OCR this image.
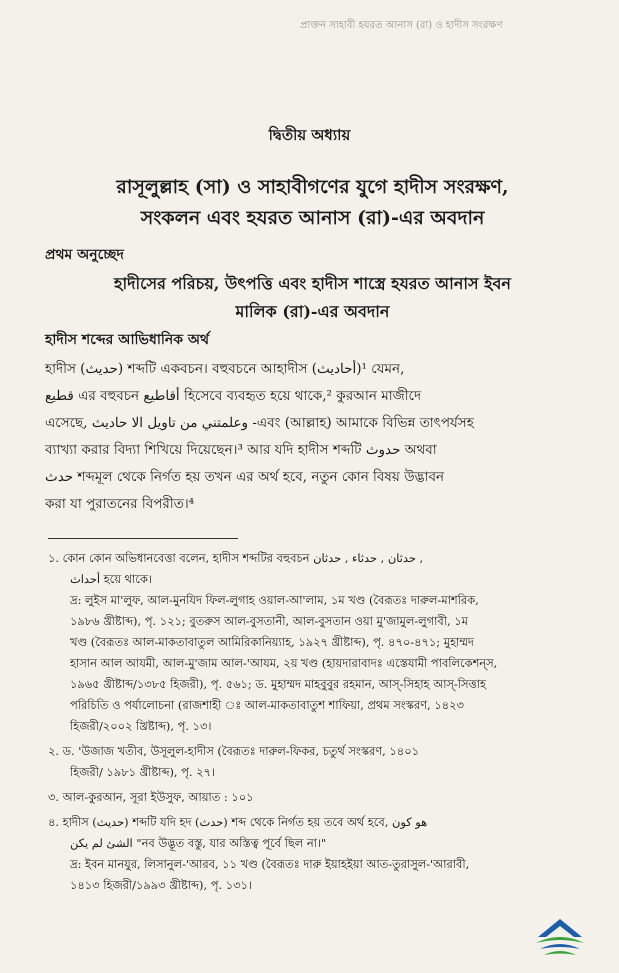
প্রাক্তন সাহাবী হযরত আনাস (রা) ও হাদীস সংরক্ষণ
দ্বিতীয় অধ্যায়
রাসূলুল্লাহ (সা) ও সাহাবীগণের যুগে হাদীস সংরক্ষণ,
সংকলন এবং হযরত আনাস (রা)-এর অবদান
প্রথম অনুচ্ছেদ
হাদীসের পরিচয়, উৎপত্তি এবং হাদীস শাস্ত্রে হযরত আনাস ইবন
মালিক (রা)-এর অবদান
হাদীস শব্দের আভিধানিক অর্থ
হাদীস (حديث) শব্দটি একবচন। বহুবচনে আহাদীস (أحاديث)¹ যেমন,
قطيع এর বহুবচন أقاطيع হিসেবে ব্যবহৃত হয়ে থাকে,² কুরআন মাজীদে
এসেছে, وعلمتني من تاويل الا حاديث -এবং (আল্লাহ) আমাকে বিভিন্ন তাৎপর্যসহ
ব্যাখ্যা করার বিদ্যা শিখিয়ে দিয়েছেন।³ আর যদি হাদীস শব্দটি حدوث অথবা
حدث শব্দমূল থেকে নির্গত হয় তখন এর অর্থ হবে, নতুন কোন বিষয় উদ্ভাবন
করা যা পুরাতনের বিপরীত।⁴
১. কোন কোন অভিধানবেত্তা বলেন, হাদীস শব্দটির বহুবচন حدثان , حدثاء , حدثان ,
أحداث হয়ে থাকে।
দ্র: লুইস মা'লুফ, আল-মুনযিদ ফিল-লুগাহ ওয়াল-আ'লাম, ১ম খণ্ড (বৈরূতঃ দারুল-মাশরিক,
১৯৮৬ খ্রীষ্টাব্দ), পৃ. ১২১; বুতরুস আল-বুসতানী, আল-বুসতান ওয়া মু'জামুল-লুগাবী, ১ম
খণ্ড (বৈরূতঃ আল-মাকতাবাতুল আমিরিকানিয়্যাহ, ১৯২৭ খ্রীষ্টাব্দ), পৃ. ৪৭০-৪৭১; মুহাম্মদ
হাসান আল আযমী, আল-মু'জাম আল-'আযম, ২য় খণ্ড (হায়দারাবাদঃ এস্তেযামী পাবলিকেশন্‌স,
১৯৬৫ খ্রীষ্টাব্দ/১৩৮৫ হিজরী), পৃ. ৫৬১; ড. মুহাম্মদ মাহবুবুর রহমান, আস্‌-সিহাহ আস্‌-সিত্তাহ
পরিচিতি ও পর্যালোচনা (রাজশাহী ঃ আল-মাকতাবাতুশ শাফিয়া, প্রথম সংস্করণ, ১৪২৩
হিজরী/২০০২ খ্রিষ্টাব্দ), পৃ. ১৩।
২. ড. 'উজাজ খতীব, উসূলুল-হাদীস (বৈরূতঃ দারুল-ফিকর, চতুর্থ সংস্করণ, ১৪০১
হিজরী/ ১৯৮১ খ্রীষ্টাব্দ), পৃ. ২৭।
৩. আল-কুরআন, সূরা ইউসুফ, আয়াত : ১০১
৪. হাদীস (حديث) শব্দটি যদি হদ (حدث) শব্দ থেকে নির্গত হয় তবে অর্থ হবে, هو كون
الشئ لم يكن "নব উদ্ভূত বস্তু, যার অস্তিত্ব পূর্বে ছিল না।"
দ্র: ইবন মানযুর, লিসানুল-'আরব, ১১ খণ্ড (বৈরূতঃ দারু ইয়াহইয়া আত-তুরাসুল-'আরাবী,
১৪১৩ হিজরী/১৯৯৩ খ্রীষ্টাব্দ), পৃ. ১৩১।
